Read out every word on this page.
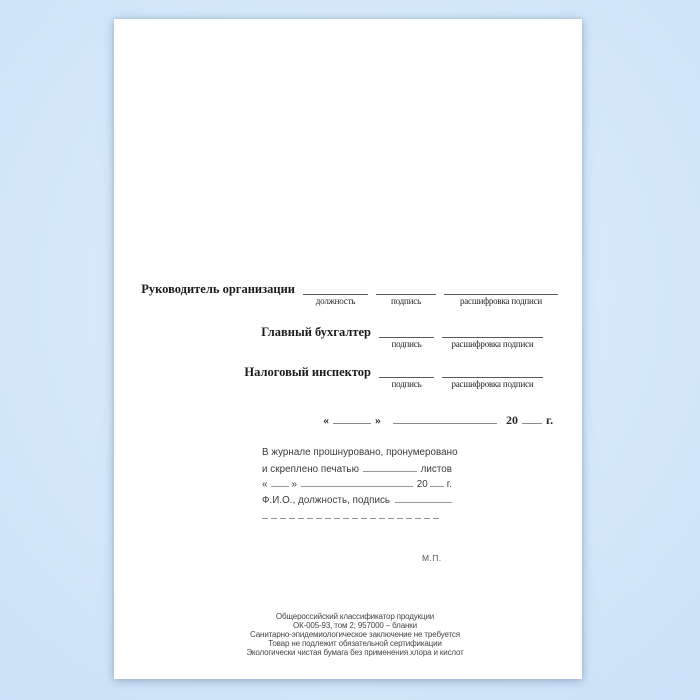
Руководитель организации
должность	подпись	расшифровка подписи
Главный бухгалтер
подпись	расшифровка подписи
Налоговый инспектор
подпись	расшифровка подписи
«	»	20 г.
В журнале прошнуровано, пронумеровано
и скреплено печатью	листов
« »	20 г.
Ф.И.О., должность, подпись
М.П.
Общероссийский классификатор продукции
ОК-005-93, том 2; 957000 – бланки
Санитарно-эпидемиологическое заключение не требуется
Товар не подлежит обязательной сертификации
Экологически чистая бумага без применения хлора и кислот
